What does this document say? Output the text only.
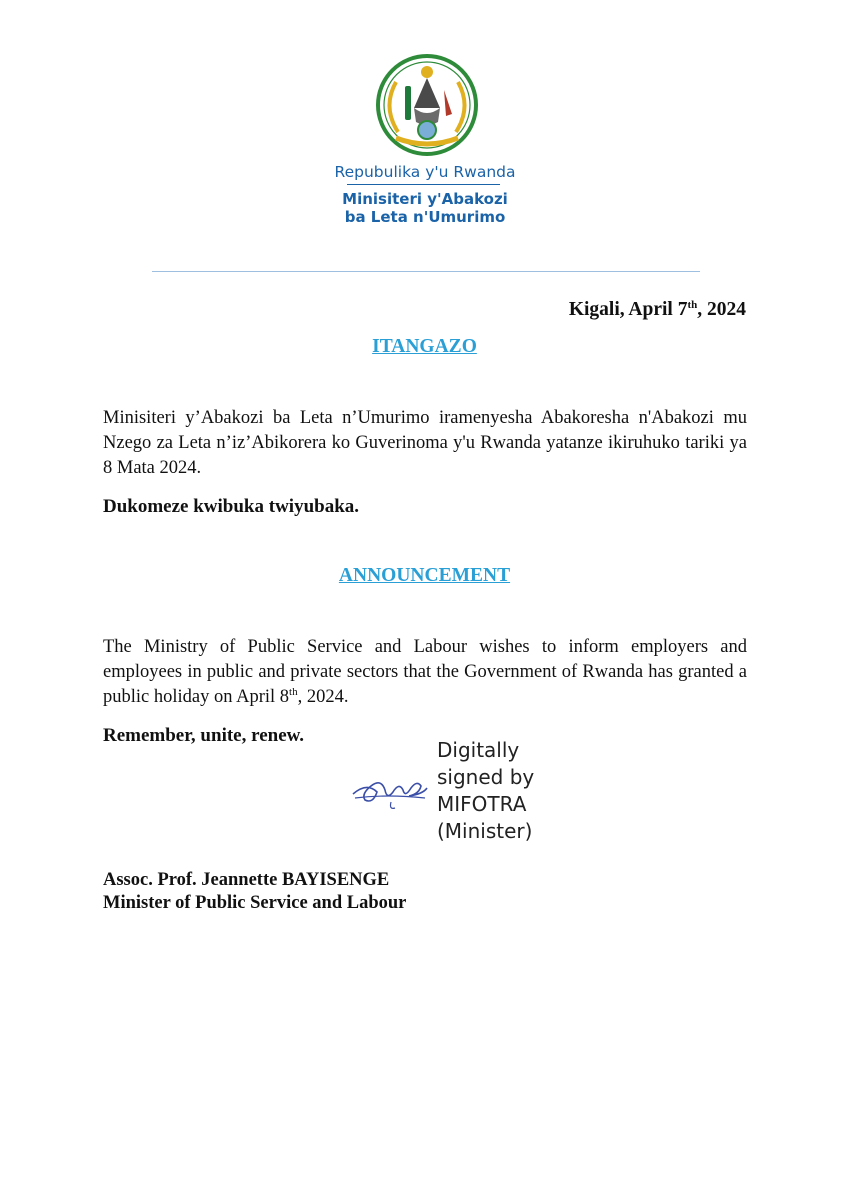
Repubulika y'u Rwanda
Minisiteri y'Abakozi
ba Leta n'Umurimo
Kigali, April 7th, 2024
ITANGAZO
Minisiteri y’Abakozi ba Leta n’Umurimo iramenyesha Abakoresha n'Abakozi mu Nzego za Leta n’iz’Abikorera ko Guverinoma y'u Rwanda yatanze ikiruhuko tariki ya 8 Mata 2024.
Dukomeze kwibuka twiyubaka.
ANNOUNCEMENT
The Ministry of Public Service and Labour wishes to inform employers and employees in public and private sectors that the Government of Rwanda has granted a public holiday on April 8th, 2024.
Remember, unite, renew.
Digitally
signed by
MIFOTRA
(Minister)
Assoc. Prof. Jeannette BAYISENGE
Minister of Public Service and Labour
